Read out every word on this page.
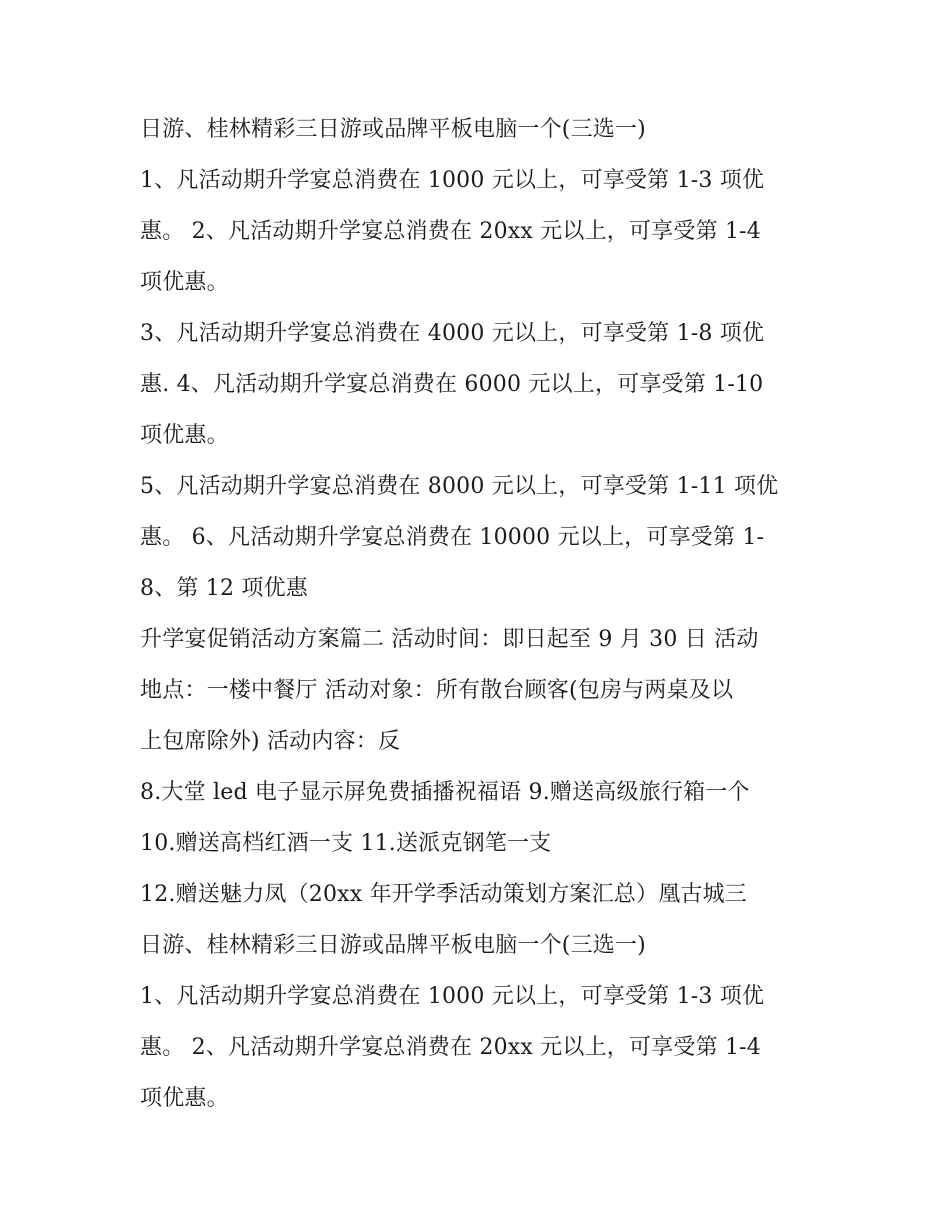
日游、桂林精彩三日游或品牌平板电脑一个(三选一)

1、凡活动期升学宴总消费在 1000 元以上，可享受第 1-3 项优

惠。 2、凡活动期升学宴总消费在 20xx 元以上，可享受第 1-4

项优惠。

3、凡活动期升学宴总消费在 4000 元以上，可享受第 1-8 项优

惠. 4、凡活动期升学宴总消费在 6000 元以上，可享受第 1-10

项优惠。

5、凡活动期升学宴总消费在 8000 元以上，可享受第 1-11 项优

惠。 6、凡活动期升学宴总消费在 10000 元以上，可享受第 1-

8、第 12 项优惠

升学宴促销活动方案篇二 活动时间：即日起至 9 月 30 日 活动

地点：一楼中餐厅 活动对象：所有散台顾客(包房与两桌及以

上包席除外) 活动内容：反

8.大堂 led 电子显示屏免费插播祝福语 9.赠送高级旅行箱一个

10.赠送高档红酒一支 11.送派克钢笔一支

12.赠送魅力凤（20xx 年开学季活动策划方案汇总）凰古城三

日游、桂林精彩三日游或品牌平板电脑一个(三选一)

1、凡活动期升学宴总消费在 1000 元以上，可享受第 1-3 项优

惠。 2、凡活动期升学宴总消费在 20xx 元以上，可享受第 1-4

项优惠。
